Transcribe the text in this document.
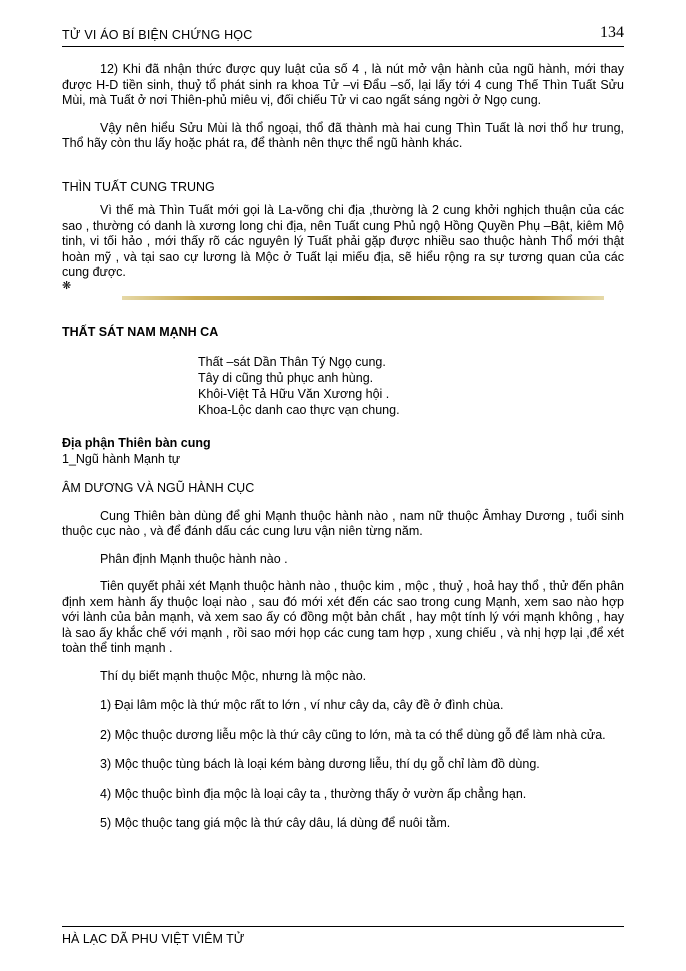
TỬ VI ÁO BÍ BIỆN CHỨNG HỌC	134

12) Khi đã nhận thức được quy luật của số 4 , là nút mở vận hành của ngũ hành, mới thay được H-D tiền sinh, thuỷ tổ phát sinh ra khoa Tử –vi Đẩu –số, lại lấy tới 4 cung Thế Thìn Tuất Sửu Mùi, mà Tuất ở nơi Thiên-phủ miêu vị, đối chiếu Tử vi cao ngất sáng ngời ở Ngọ cung.

Vậy nên hiểu Sửu Mùi là thổ ngoại, thổ đã thành mà hai cung Thìn Tuất là nơi thổ hư trung, Thổ hãy còn thu lấy hoặc phát ra, để thành nên thực thể ngũ hành khác.

THÌN TUẤT CUNG TRUNG

Vì thế mà Thìn Tuất mới gọi là La-võng chi địa ,thường là 2 cung khởi nghịch thuận của các sao , thường có danh là xương long chi địa, nên Tuất cung Phủ ngộ Hồng Quyền Phụ –Bật, kiêm Mộ tinh, vi tối hảo , mới thấy rõ các nguyên lý Tuất phải gặp được nhiều sao thuộc hành Thổ mới thật hoàn mỹ , và tại sao cự lương là Mộc ở Tuất lại miếu địa, sẽ hiểu rộng ra sự tương quan của các cung được.

❋

THẤT SÁT NAM MẠNH CA

Thất –sát Dần Thân Tý Ngọ cung.
Tây di cũng thủ phục anh hùng.
Khôi-Việt Tả Hữu Văn Xương hội .
Khoa-Lộc danh cao thực vạn chung.

Địa phận Thiên bàn cung

1_Ngũ hành Mạnh tự

ÂM DƯƠNG VÀ NGŨ HÀNH CỤC

Cung Thiên bàn dùng để ghi Mạnh thuộc hành nào , nam nữ thuộc Âmhay Dương , tuổi sinh thuộc cục nào , và để đánh dấu các cung lưu vận niên từng năm.

Phân định Mạnh thuộc hành nào .

Tiên quyết phải xét Mạnh thuộc hành nào , thuộc kim , mộc , thuỷ , hoả hay thổ , thử đến phân định xem hành ấy thuộc loại nào , sau đó mới xét đến các sao trong cung Mạnh, xem sao nào hợp với lành của bản mạnh, và xem sao ấy có đồng một bản chất , hay một tính lý với mạnh không , hay là sao ấy khắc chế với mạnh , rồi sao mới họp các cung tam hợp , xung chiếu , và nhị hợp lại ,để xét toàn thể tinh mạnh .

Thí dụ biết mạnh thuộc Mộc, nhưng là mộc nào.

1) Đại lâm mộc là thứ mộc rất to lớn , ví như cây da, cây đề ở đình chùa.

2) Mộc thuộc dương liễu mộc là thứ cây cũng to lớn, mà ta có thể dùng gỗ để làm nhà cửa.

3) Mộc thuộc tùng bách là loại kém bàng dương liễu, thí dụ gỗ chỉ làm đồ dùng.

4) Mộc thuộc bình địa mộc là loại cây ta , thường thấy ở vườn ấp chẳng hạn.

5) Mộc thuộc tang giá mộc là thứ cây dâu, lá dùng để nuôi tằm.

HÀ LẠC DÃ PHU VIỆT VIÊM TỬ
